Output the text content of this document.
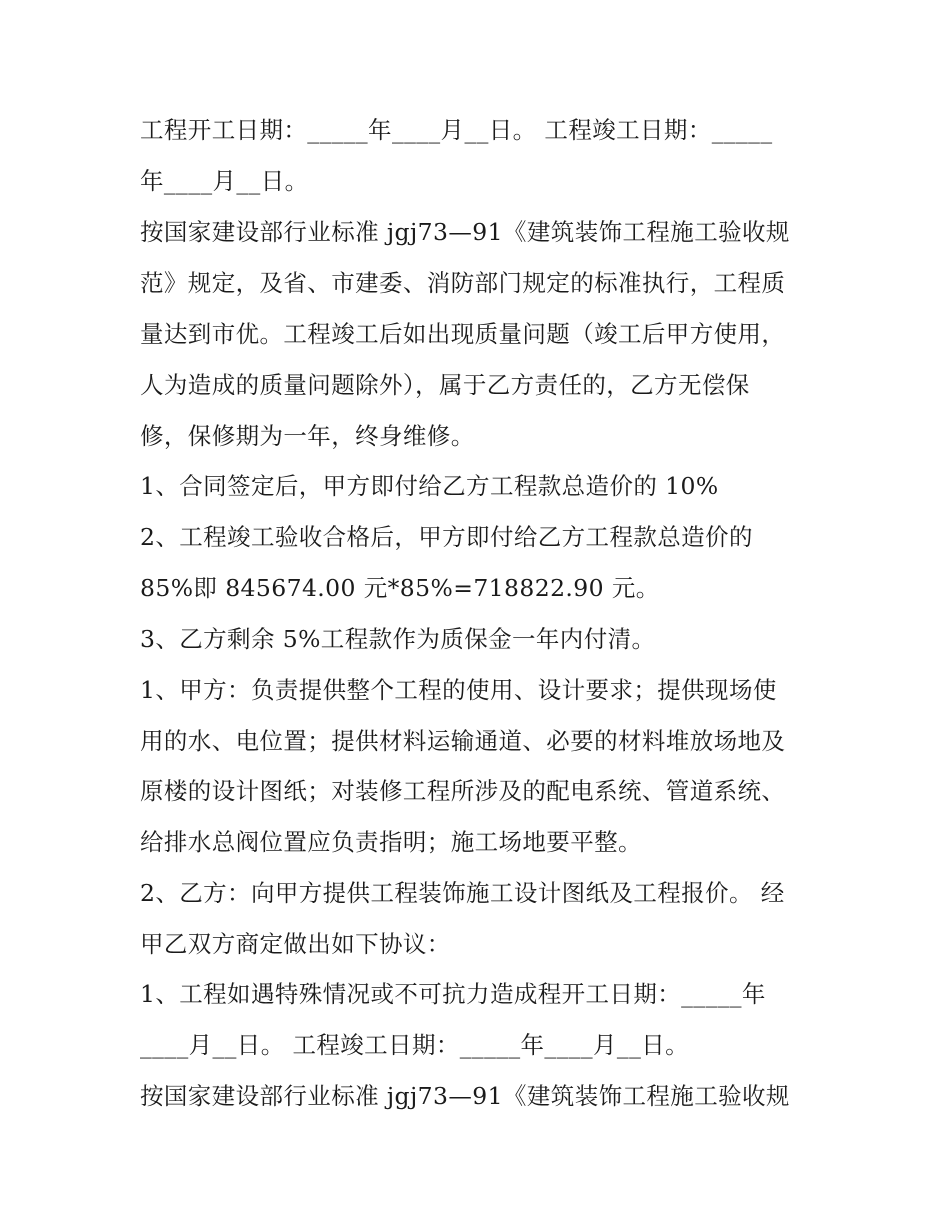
工程开工日期：_____年____月__日。 工程竣工日期：_____

年____月__日。

按国家建设部行业标准 jgj73—91《建筑装饰工程施工验收规

范》规定，及省、市建委、消防部门规定的标准执行，工程质

量达到市优。工程竣工后如出现质量问题（竣工后甲方使用，

人为造成的质量问题除外），属于乙方责任的，乙方无偿保

修，保修期为一年，终身维修。

1、合同签定后，甲方即付给乙方工程款总造价的 10%

2、工程竣工验收合格后，甲方即付给乙方工程款总造价的

85%即 845674.00 元*85%=718822.90 元。

3、乙方剩余 5%工程款作为质保金一年内付清。

1、甲方：负责提供整个工程的使用、设计要求；提供现场使

用的水、电位置；提供材料运输通道、必要的材料堆放场地及

原楼的设计图纸；对装修工程所涉及的配电系统、管道系统、

给排水总阀位置应负责指明；施工场地要平整。

2、乙方：向甲方提供工程装饰施工设计图纸及工程报价。 经

甲乙双方商定做出如下协议：

1、工程如遇特殊情况或不可抗力造成程开工日期：_____年

____月__日。 工程竣工日期：_____年____月__日。

按国家建设部行业标准 jgj73—91《建筑装饰工程施工验收规
